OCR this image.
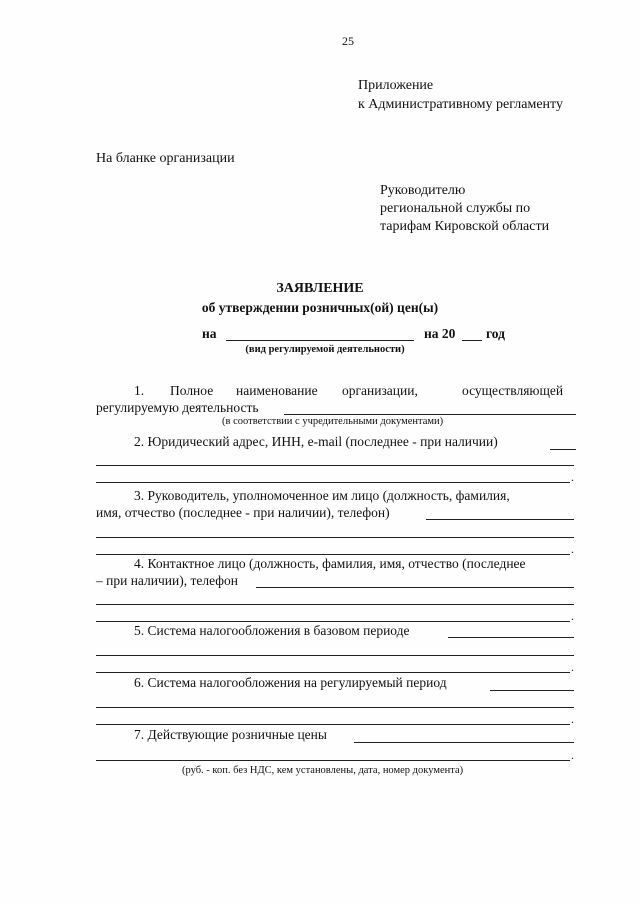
25
Приложение
к Административному регламенту
На бланке организации
Руководителю
региональной службы по
тарифам Кировской области
ЗАЯВЛЕНИЕ
об утверждении розничных(ой) цен(ы)
на	на 20 год
(вид регулируемой деятельности)
1. Полное наименование организации,	осуществляющей
регулируемую деятельность
(в соответствии с учредительными документами)
2. Юридический адрес, ИНН, e-mail (последнее - при наличии)
.
3. Руководитель, уполномоченное им лицо (должность, фамилия,
имя, отчество (последнее - при наличии), телефон)
.
4. Контактное лицо (должность, фамилия, имя, отчество (последнее
– при наличии), телефон
.
5. Система налогообложения в базовом периоде
.
6. Система налогообложения на регулируемый период
.
7. Действующие розничные цены
.
(руб. - коп. без НДС, кем установлены, дата, номер документа)
